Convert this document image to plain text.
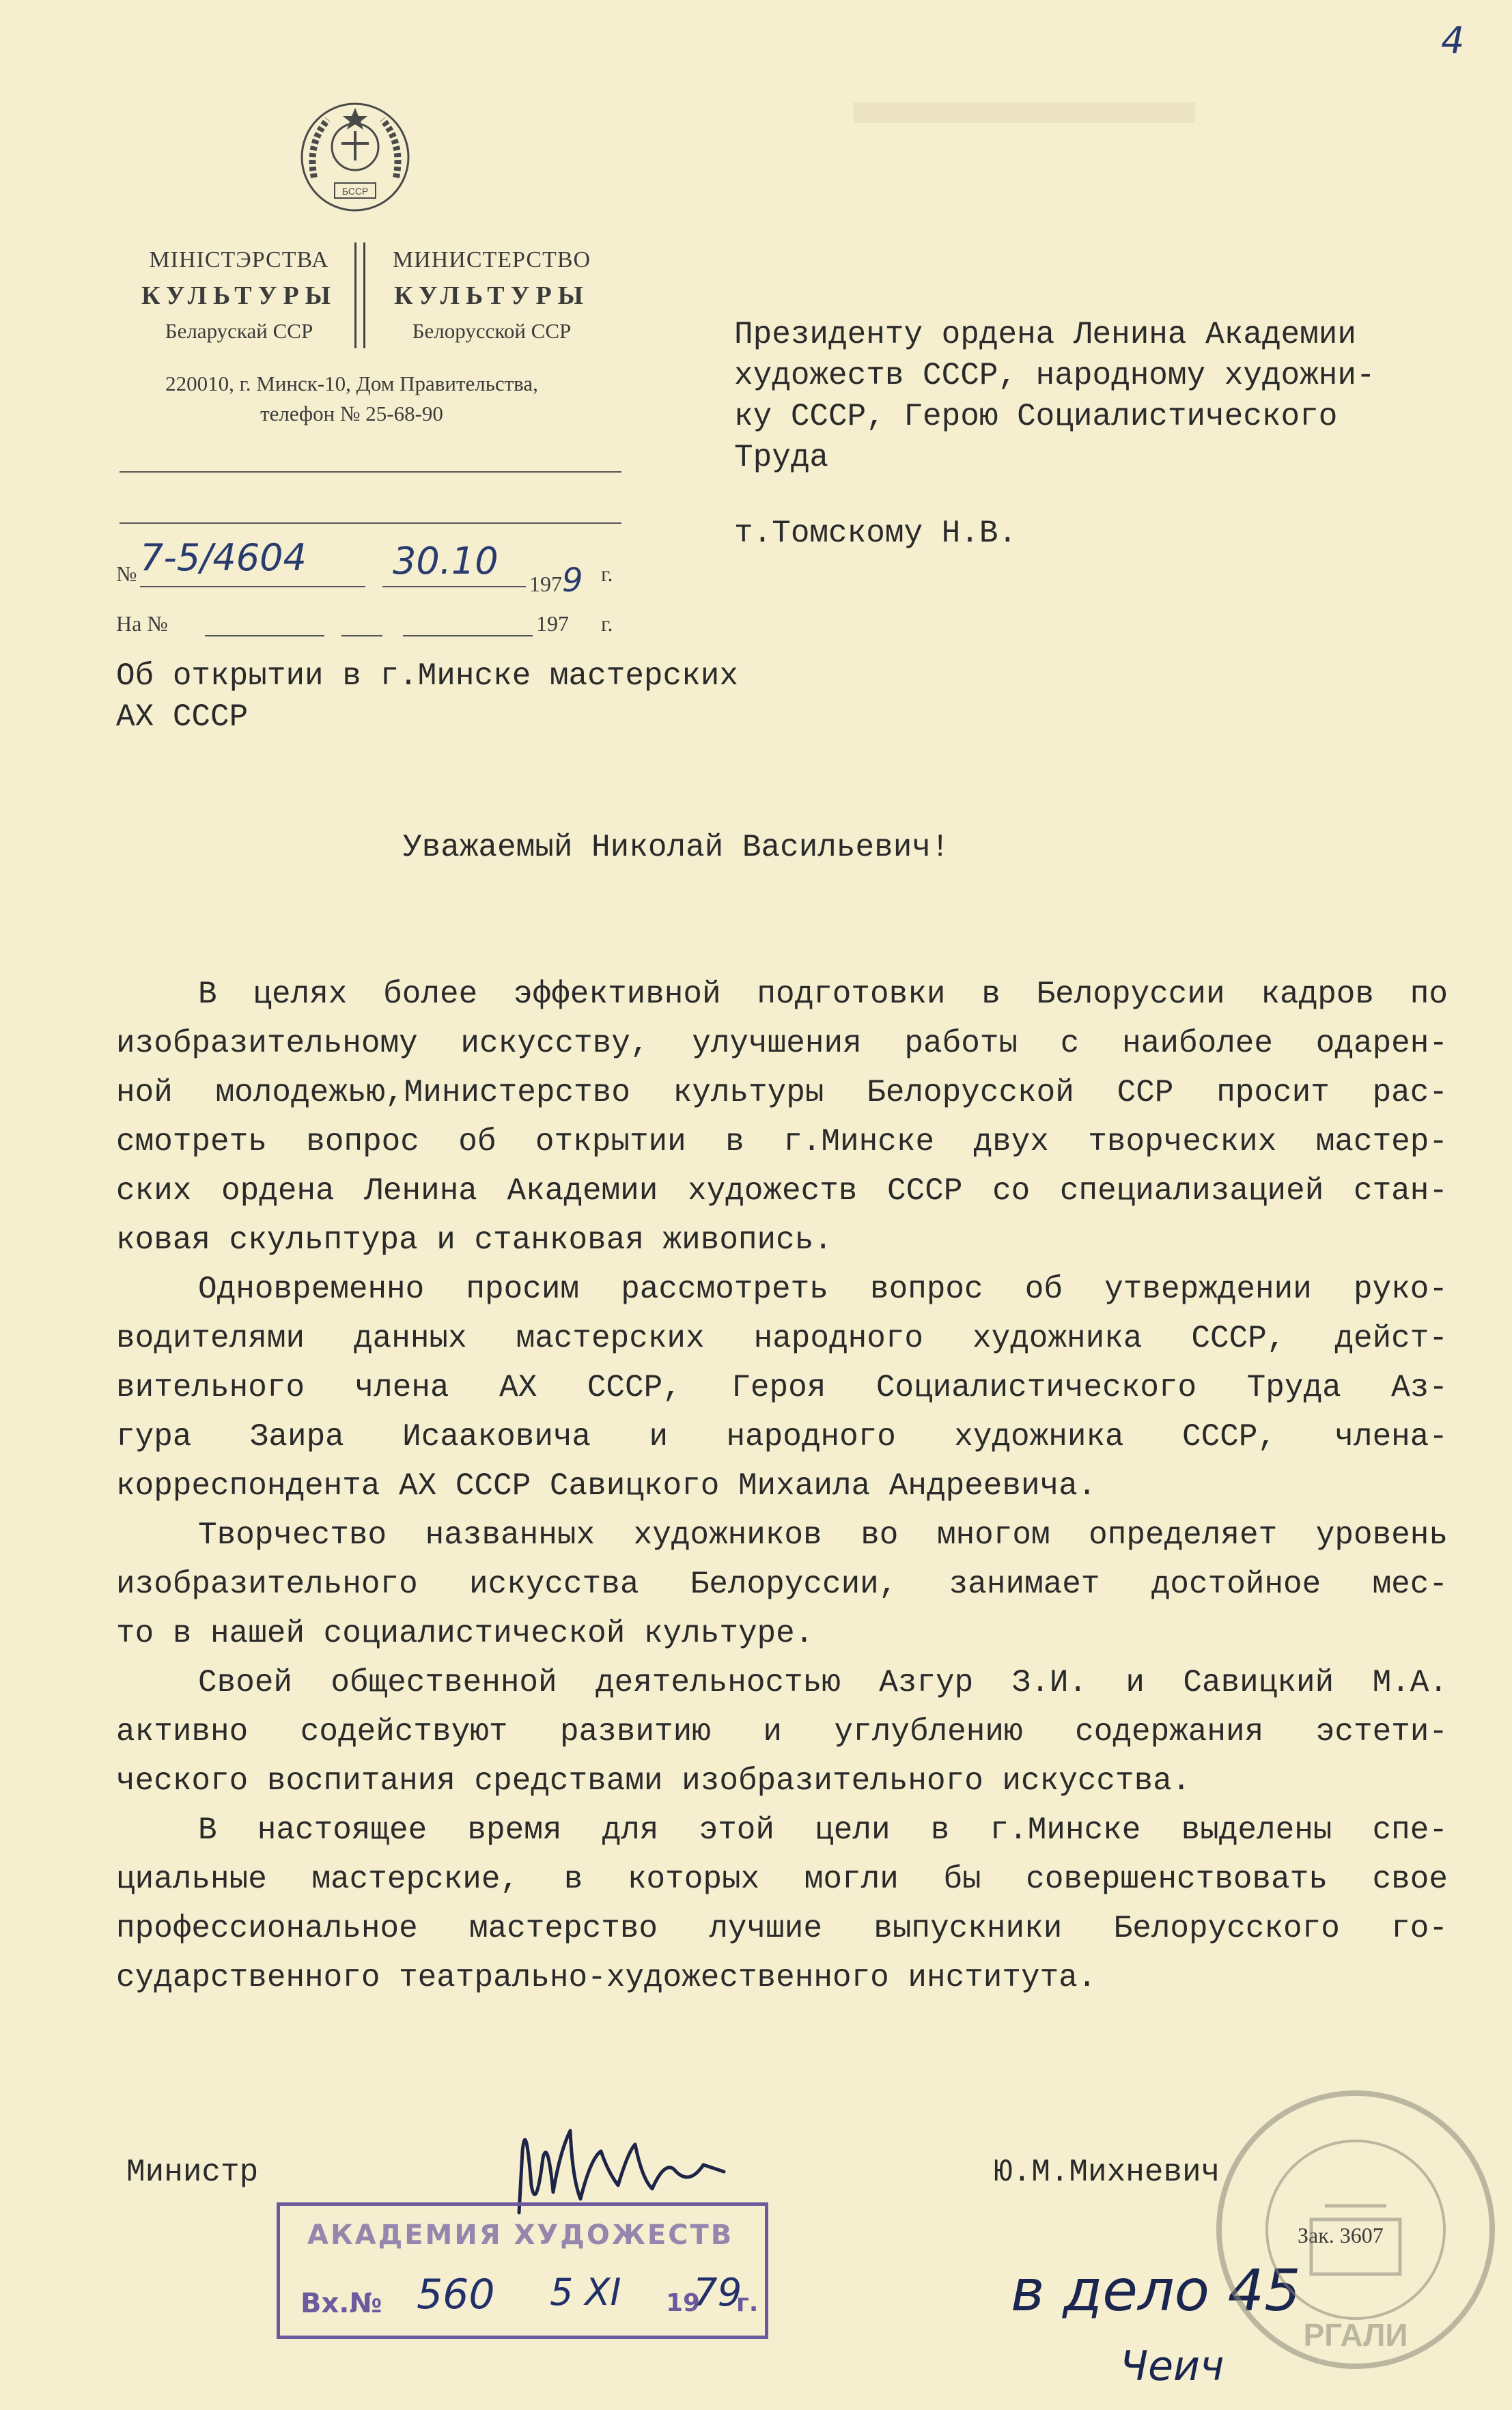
4
БССР
МІНІСТЭРСТВА
КУЛЬТУРЫ
Беларускай ССР
МИНИСТЕРСТВО
КУЛЬТУРЫ
Белорусской ССР
220010, г. Минск-10, Дом Правительства,
телефон № 25-68-90
№ 7-5/4604 30.10
1979 г.
На №	197 г.
Президенту ордена Ленина Академии
художеств СССР, народному художни-
ку СССР, Герою Социалистического
Труда
т.Томскому Н.В.
Об открытии в г.Минске мастерских
АХ СССР
Уважаемый Николай Васильевич!
В целях более эффективной подготовки в Белоруссии кадров по
изобразительному искусству, улучшения работы с наиболее одарен-
ной молодежью,Министерство культуры Белорусской ССР просит рас-
смотреть вопрос об открытии в г.Минске двух творческих мастер-
ских ордена Ленина Академии художеств СССР со специализацией стан-
ковая скульптура и станковая живопись.
Одновременно просим рассмотреть вопрос об утверждении руко-
водителями данных мастерских народного художника СССР, дейст-
вительного члена АХ СССР, Героя Социалистического Труда Аз-
гура Заира Исааковича и народного художника СССР, члена-
корреспондента АХ СССР Савицкого Михаила Андреевича.
Творчество названных художников во многом определяет уровень
изобразительного искусства Белоруссии, занимает достойное мес-
то в нашей социалистической культуре.
Своей общественной деятельностью Азгур З.И. и Савицкий М.А.
активно содействуют развитию и углублению содержания эстети-
ческого воспитания средствами изобразительного искусства.
В настоящее время для этой цели в г.Минске выделены спе-
циальные мастерские, в которых могли бы совершенствовать свое
профессиональное мастерство лучшие выпускники Белорусского го-
сударственного театрально-художественного института.
Министр	Ю.М.Михневич
Зак. 3607
АКАДЕМИЯ ХУДОЖЕСТВ
Вх.№ 560 5 XI 19
79
г.	в дело 45
Чеич
РГАЛИ
